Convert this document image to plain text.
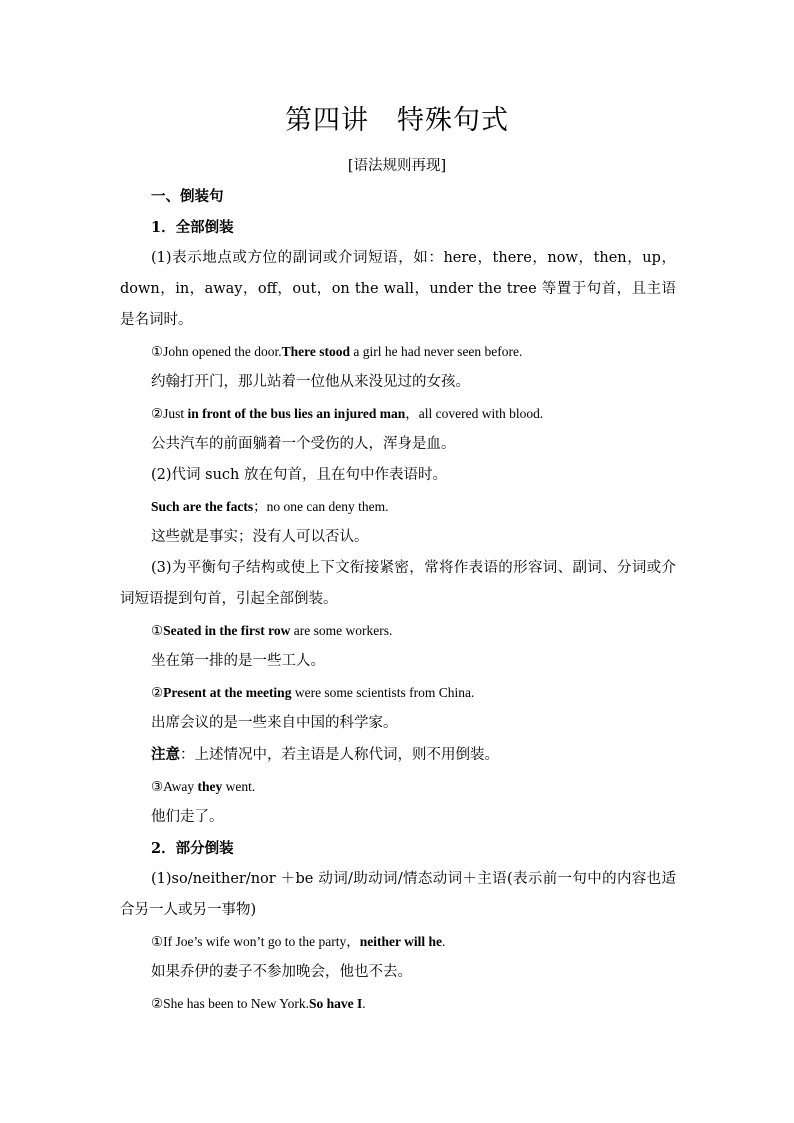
第四讲　特殊句式
[语法规则再现]
一、倒装句
1．全部倒装
(1)表示地点或方位的副词或介词短语，如：here，there，now，then，up，down，in，away，off，out，on the wall，under the tree 等置于句首，且主语是名词时。
①John opened the door.There stood a girl he had never seen before.
约翰打开门，那儿站着一位他从来没见过的女孩。
②Just in front of the bus lies an injured man，all covered with blood.
公共汽车的前面躺着一个受伤的人，浑身是血。
(2)代词 such 放在句首，且在句中作表语时。
Such are the facts；no one can deny them.
这些就是事实；没有人可以否认。
(3)为平衡句子结构或使上下文衔接紧密，常将作表语的形容词、副词、分词或介词短语提到句首，引起全部倒装。
①Seated in the first row are some workers.
坐在第一排的是一些工人。
②Present at the meeting were some scientists from China.
出席会议的是一些来自中国的科学家。
注意：上述情况中，若主语是人称代词，则不用倒装。
③Away they went.
他们走了。
2．部分倒装
(1)so/neither/nor ＋be 动词/助动词/情态动词＋主语(表示前一句中的内容也适合另一人或另一事物)
①If Joe’s wife won’t go to the party，neither will he.
如果乔伊的妻子不参加晚会，他也不去。
②She has been to New York.So have I.
